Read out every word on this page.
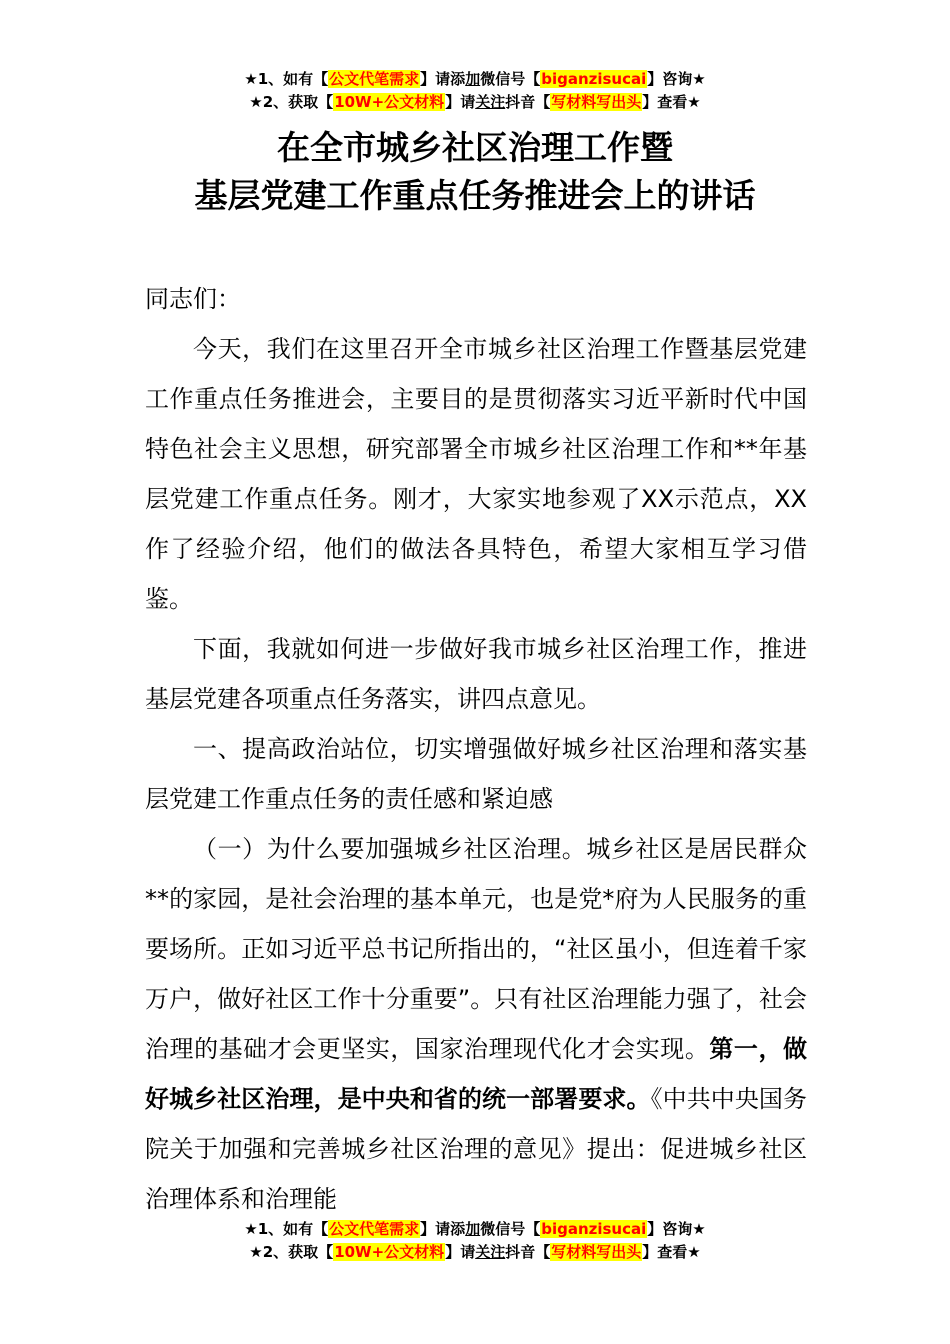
★1、如有【公文代笔需求】请添加微信号【biganzisucai】咨询★
★2、获取【10W+公文材料】请关注抖音【写材料写出头】查看★
在全市城乡社区治理工作暨
基层党建工作重点任务推进会上的讲话

同志们：

今天，我们在这里召开全市城乡社区治理工作暨基层党建工作重点任务推进会，主要目的是贯彻落实习近平新时代中国特色社会主义思想，研究部署全市城乡社区治理工作和**年基层党建工作重点任务。刚才，大家实地参观了XX示范点，XX作了经验介绍，他们的做法各具特色，希望大家相互学习借鉴。

下面，我就如何进一步做好我市城乡社区治理工作，推进基层党建各项重点任务落实，讲四点意见。

一、提高政治站位，切实增强做好城乡社区治理和落实基层党建工作重点任务的责任感和紧迫感

（一）为什么要加强城乡社区治理。城乡社区是居民群众**的家园，是社会治理的基本单元，也是党*府为人民服务的重要场所。正如习近平总书记所指出的，“社区虽小，但连着千家万户，做好社区工作十分重要”。只有社区治理能力强了，社会治理的基础才会更坚实，国家治理现代化才会实现。第一，做好城乡社区治理，是中央和省的统一部署要求。《中共中央国务院关于加强和完善城乡社区治理的意见》提出：促进城乡社区治理体系和治理能

★1、如有【公文代笔需求】请添加微信号【biganzisucai】咨询★
★2、获取【10W+公文材料】请关注抖音【写材料写出头】查看★
